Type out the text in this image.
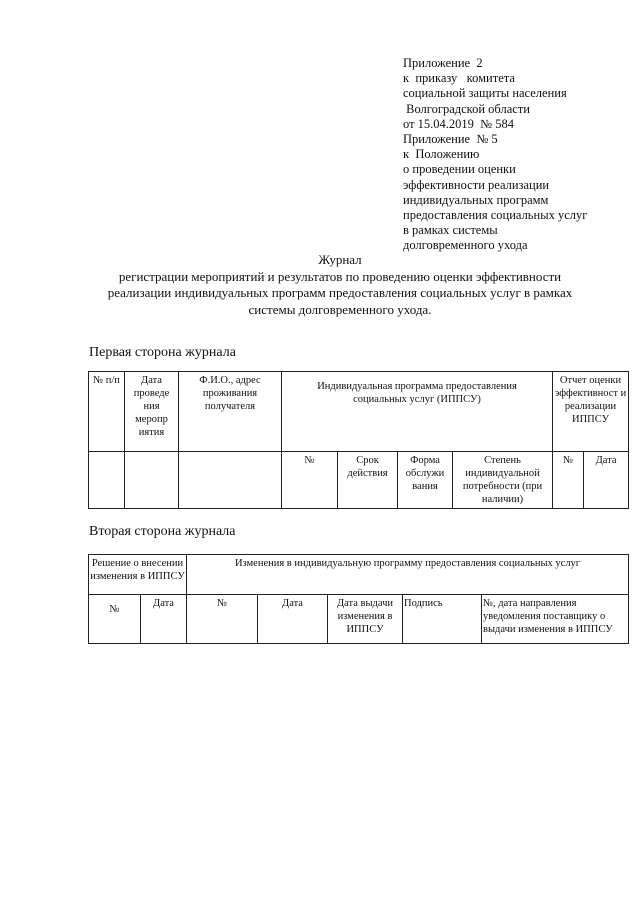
Приложение  2
к  приказу   комитета
социальной защиты населения
Волгоградской области
от 15.04.2019  № 584
Приложение  № 5
к  Положению
о проведении оценки
эффективности реализации
индивидуальных программ
предоставления социальных услуг
в рамках системы
долговременного ухода
Журнал
регистрации мероприятий и результатов по проведению оценки эффективности
реализации индивидуальных программ предоставления социальных услуг в рамках
системы долговременного ухода.
Первая сторона журнала
№ п/п	Дата проведе ния меропр иятия	Ф.И.О., адрес проживания получателя	Индивидуальная программа предоставления социальных услуг (ИППСУ)				Отчет оценки эффективност и реализации ИППСУ	
			№	Срок действия	Форма обслужи вания	Степень индивидуальной потребности (при наличии)	№	Дата
Вторая сторона журнала
Решение о внесении изменения в ИППСУ		Изменения в индивидуальную программу предоставления социальных услуг				
№	Дата	№	Дата	Дата выдачи изменения в ИППСУ	Подпись	№, дата направления уведомления поставщику о выдачи изменения в ИППСУ
